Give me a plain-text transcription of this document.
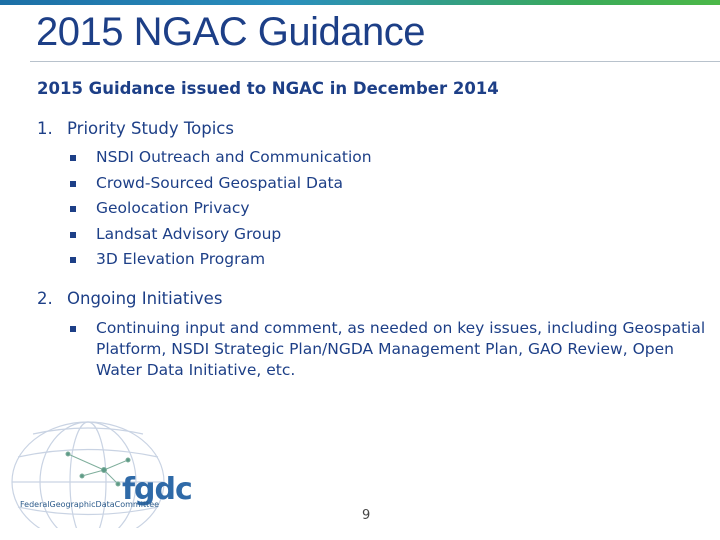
2015 NGAC Guidance
2015 Guidance issued to NGAC in December 2014
1. Priority Study Topics
NSDI Outreach and Communication
Crowd-Sourced Geospatial Data
Geolocation Privacy
Landsat Advisory Group
3D Elevation Program
2. Ongoing Initiatives
Continuing input and comment, as needed on key issues, including Geospatial Platform, NSDI Strategic Plan/NGDA Management Plan, GAO Review, Open Water Data Initiative, etc.
fgdc
FederalGeographicDataCommittee
9
